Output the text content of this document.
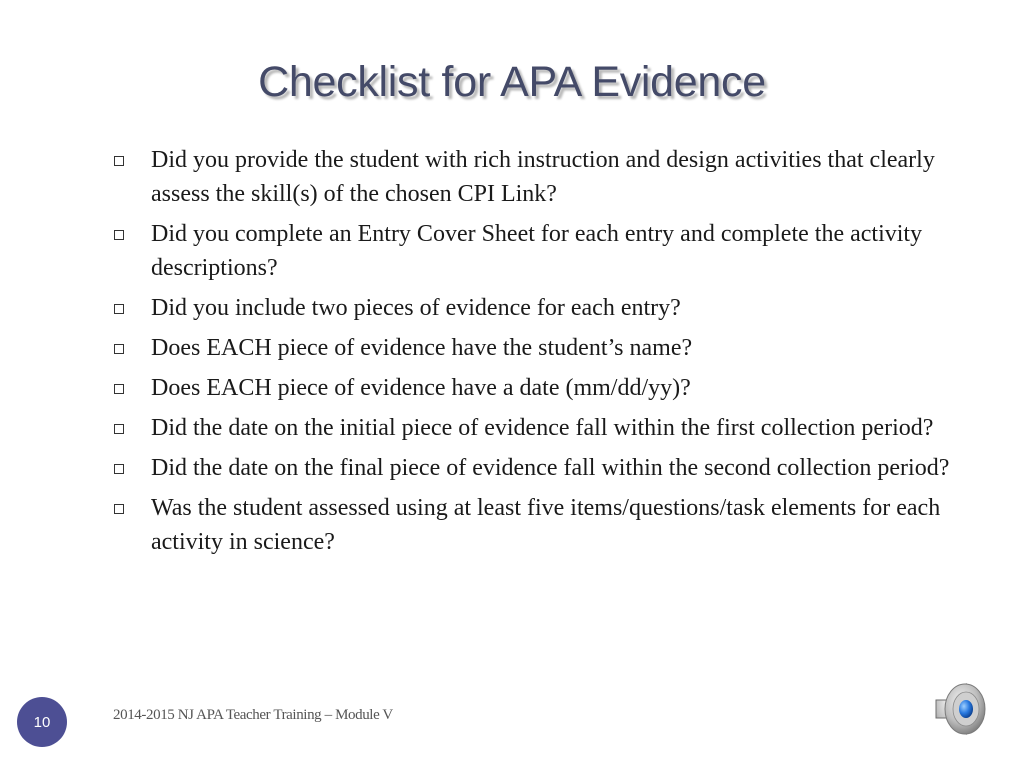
Checklist for APA Evidence
Did you provide the student with rich instruction and design activities that clearly assess the skill(s) of the chosen CPI Link?
Did you complete an Entry Cover Sheet for each entry and complete the activity descriptions?
Did you include two pieces of evidence for each entry?
Does EACH piece of evidence have the student’s name?
Does EACH piece of evidence have a date (mm/dd/yy)?
Did the date on the initial piece of evidence fall within the first collection period?
Did the date on the final piece of evidence fall within the second collection period?
Was the student assessed using at least five items/questions/task elements for each activity in science?
10	2014-2015 NJ APA Teacher Training – Module V
